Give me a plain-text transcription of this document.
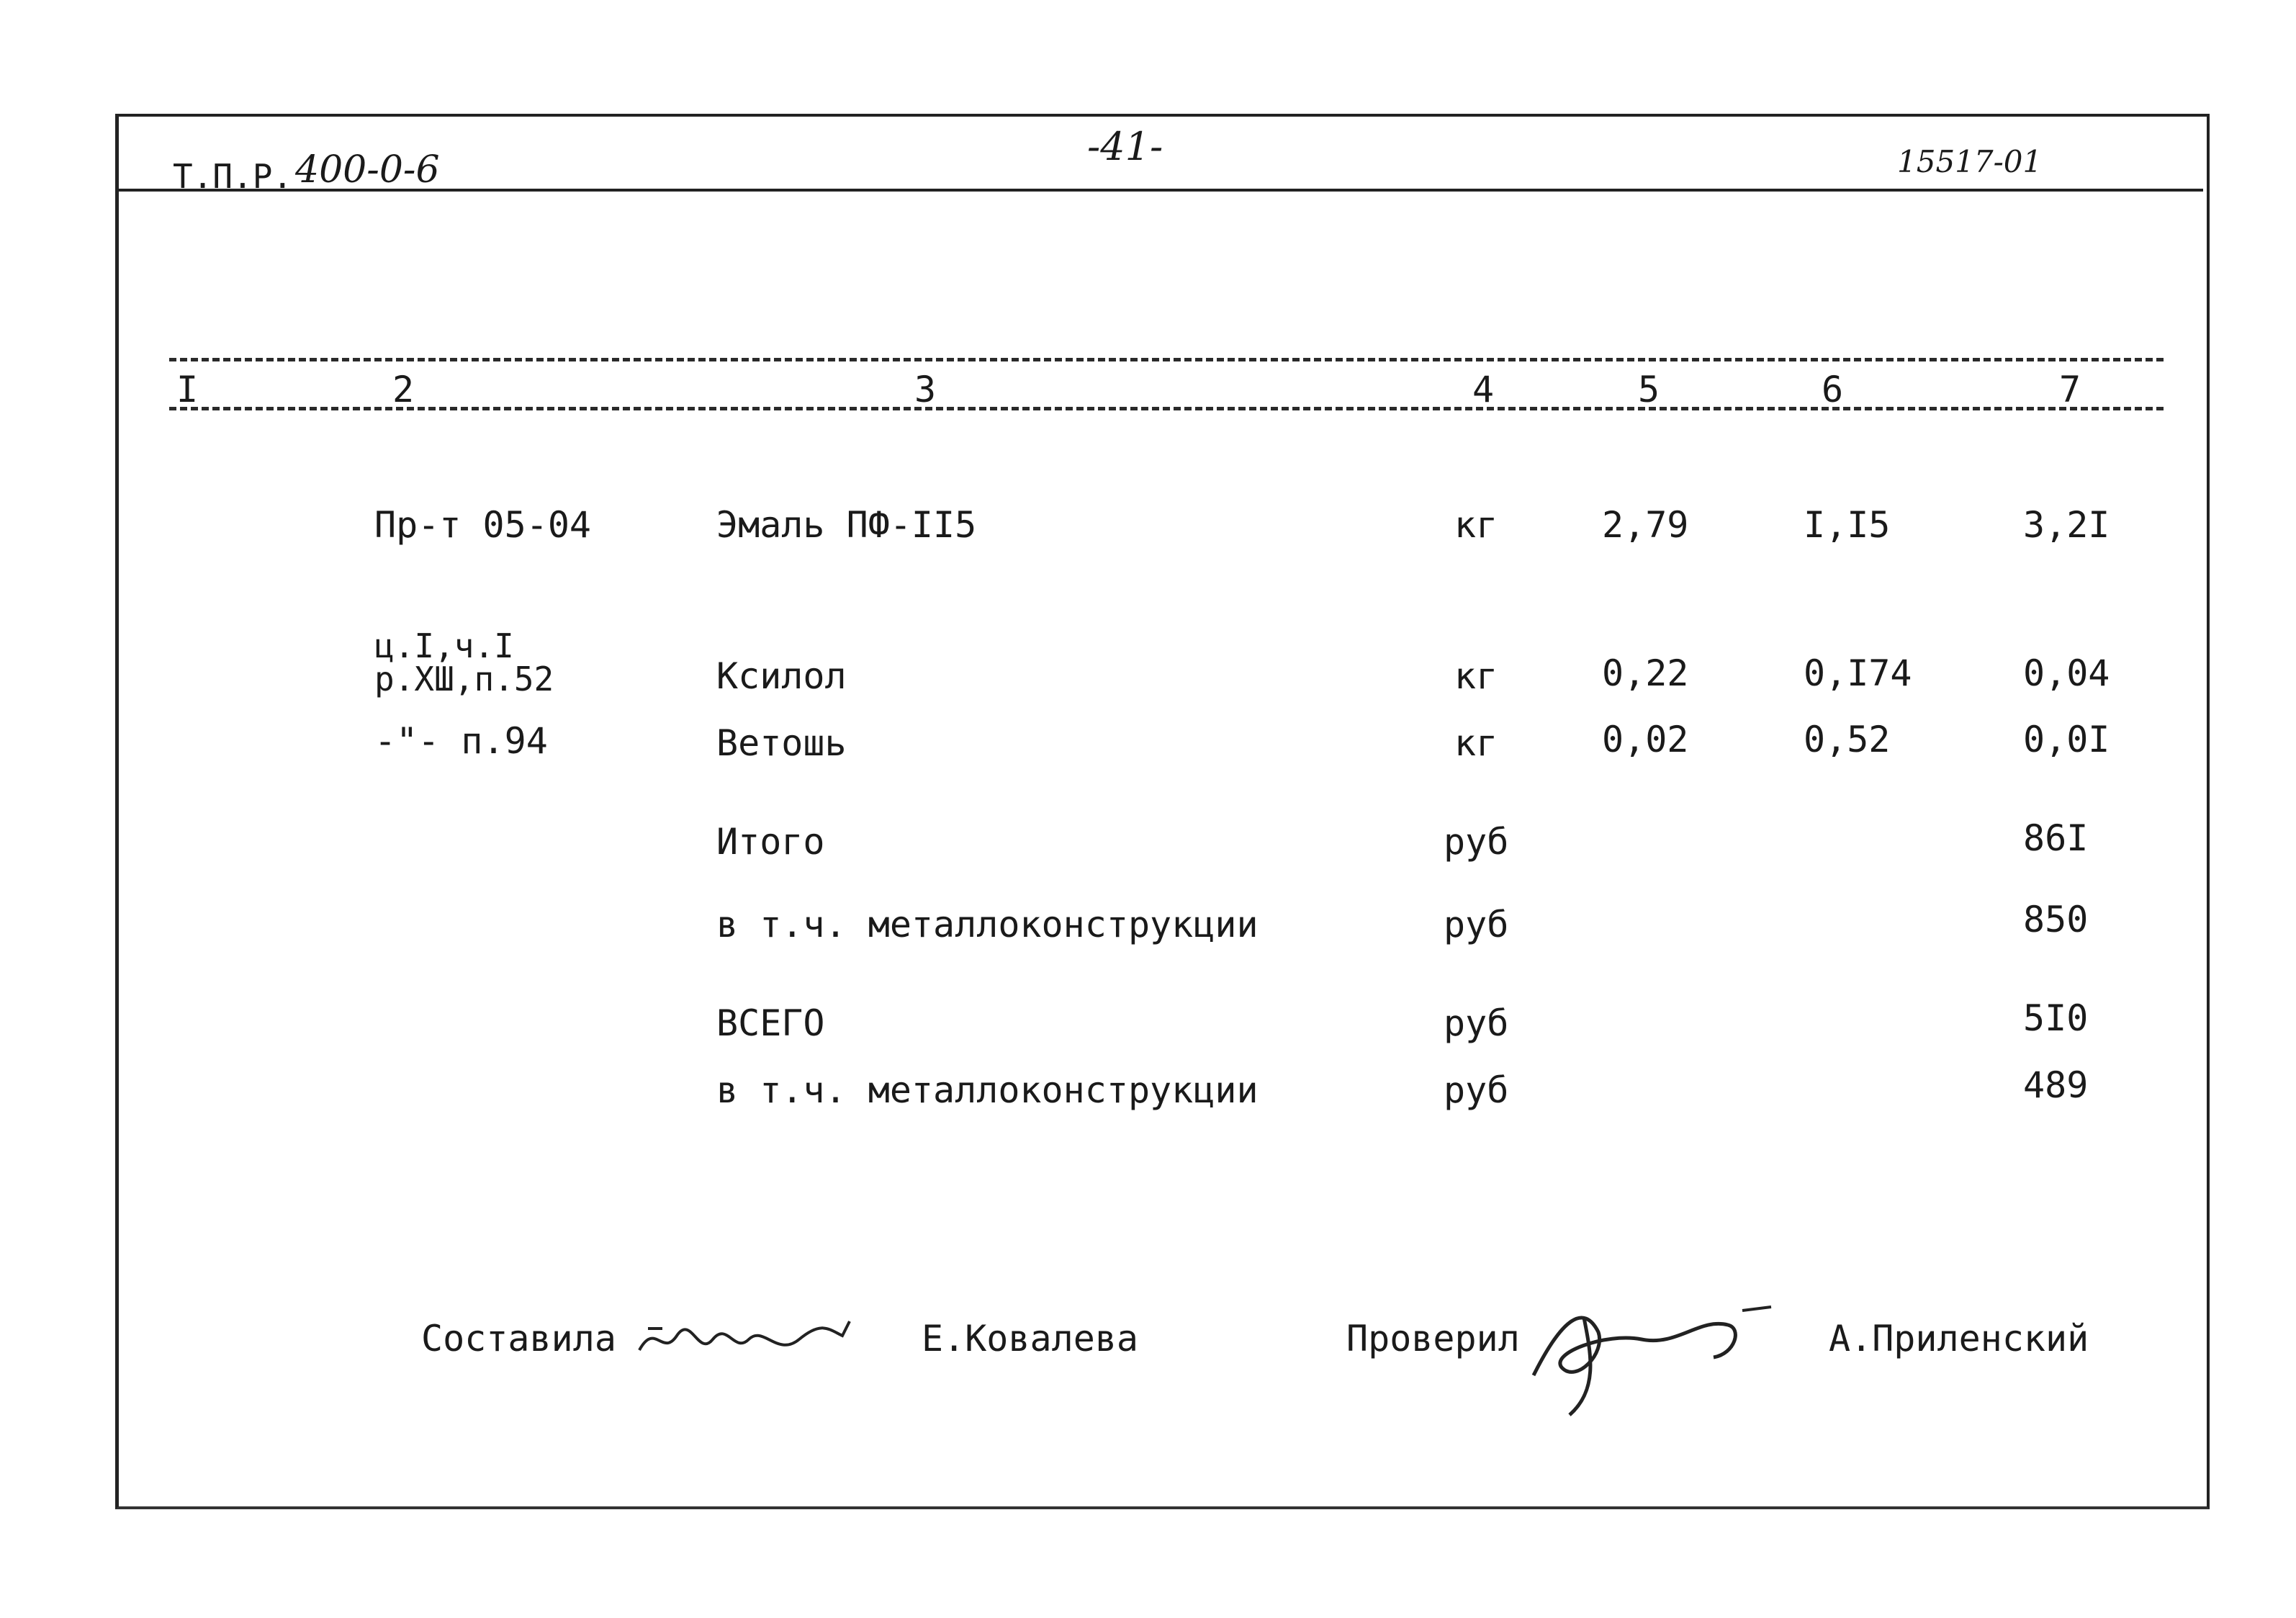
Т.П.Р. 400-0-6
-41-	15517-01
I	2	3	4	5	6	7
Пр-т 05-04	Эмаль ПФ-II5	кг	2,79	I,I5	3,2I
ц.I,ч.I
р.ХШ,п.52	Ксилол	кг	0,22	0,I74	0,04
-"- п.94	Ветошь	кг	0,02	0,52	0,0I
Итого	руб	86I
в т.ч. металлоконструкции	руб	850
ВСЕГО	руб	5I0
в т.ч. металлоконструкции	руб	489
Составила	Е.Ковалева	Проверил	А.Приленский
